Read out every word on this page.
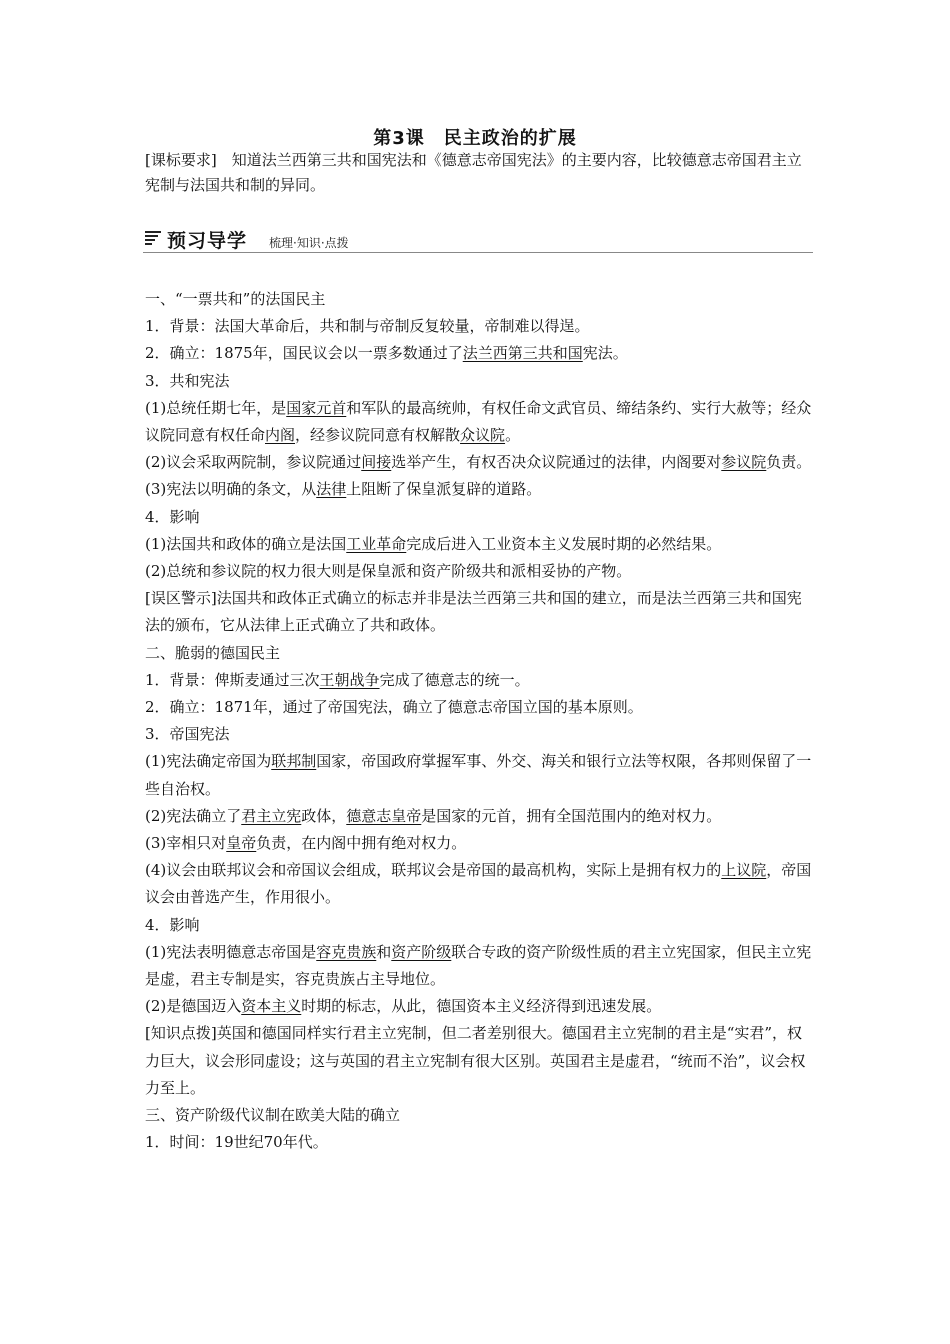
第3课　民主政治的扩展

[课标要求]　知道法兰西第三共和国宪法和《德意志帝国宪法》的主要内容，比较德意志帝国君主立宪制与法国共和制的异同。

预习导学 梳理·知识·点拨

一、“一票共和”的法国民主

1．背景：法国大革命后，共和制与帝制反复较量，帝制难以得逞。

2．确立：1875年，国民议会以一票多数通过了法兰西第三共和国宪法。

3．共和宪法

(1)总统任期七年，是国家元首和军队的最高统帅，有权任命文武官员、缔结条约、实行大赦等；经众议院同意有权任命内阁，经参议院同意有权解散众议院。

(2)议会采取两院制，参议院通过间接选举产生，有权否决众议院通过的法律，内阁要对参议院负责。

(3)宪法以明确的条文，从法律上阻断了保皇派复辟的道路。

4．影响

(1)法国共和政体的确立是法国工业革命完成后进入工业资本主义发展时期的必然结果。

(2)总统和参议院的权力很大则是保皇派和资产阶级共和派相妥协的产物。

[误区警示]法国共和政体正式确立的标志并非是法兰西第三共和国的建立，而是法兰西第三共和国宪法的颁布，它从法律上正式确立了共和政体。

二、脆弱的德国民主

1．背景：俾斯麦通过三次王朝战争完成了德意志的统一。

2．确立：1871年，通过了帝国宪法，确立了德意志帝国立国的基本原则。

3．帝国宪法

(1)宪法确定帝国为联邦制国家，帝国政府掌握军事、外交、海关和银行立法等权限，各邦则保留了一些自治权。

(2)宪法确立了君主立宪政体，德意志皇帝是国家的元首，拥有全国范围内的绝对权力。

(3)宰相只对皇帝负责，在内阁中拥有绝对权力。

(4)议会由联邦议会和帝国议会组成，联邦议会是帝国的最高机构，实际上是拥有权力的上议院，帝国议会由普选产生，作用很小。

4．影响

(1)宪法表明德意志帝国是容克贵族和资产阶级联合专政的资产阶级性质的君主立宪国家，但民主立宪是虚，君主专制是实，容克贵族占主导地位。

(2)是德国迈入资本主义时期的标志，从此，德国资本主义经济得到迅速发展。

[知识点拨]英国和德国同样实行君主立宪制，但二者差别很大。德国君主立宪制的君主是“实君”，权力巨大，议会形同虚设；这与英国的君主立宪制有很大区别。英国君主是虚君，“统而不治”，议会权力至上。

三、资产阶级代议制在欧美大陆的确立

1．时间：19世纪70年代。
